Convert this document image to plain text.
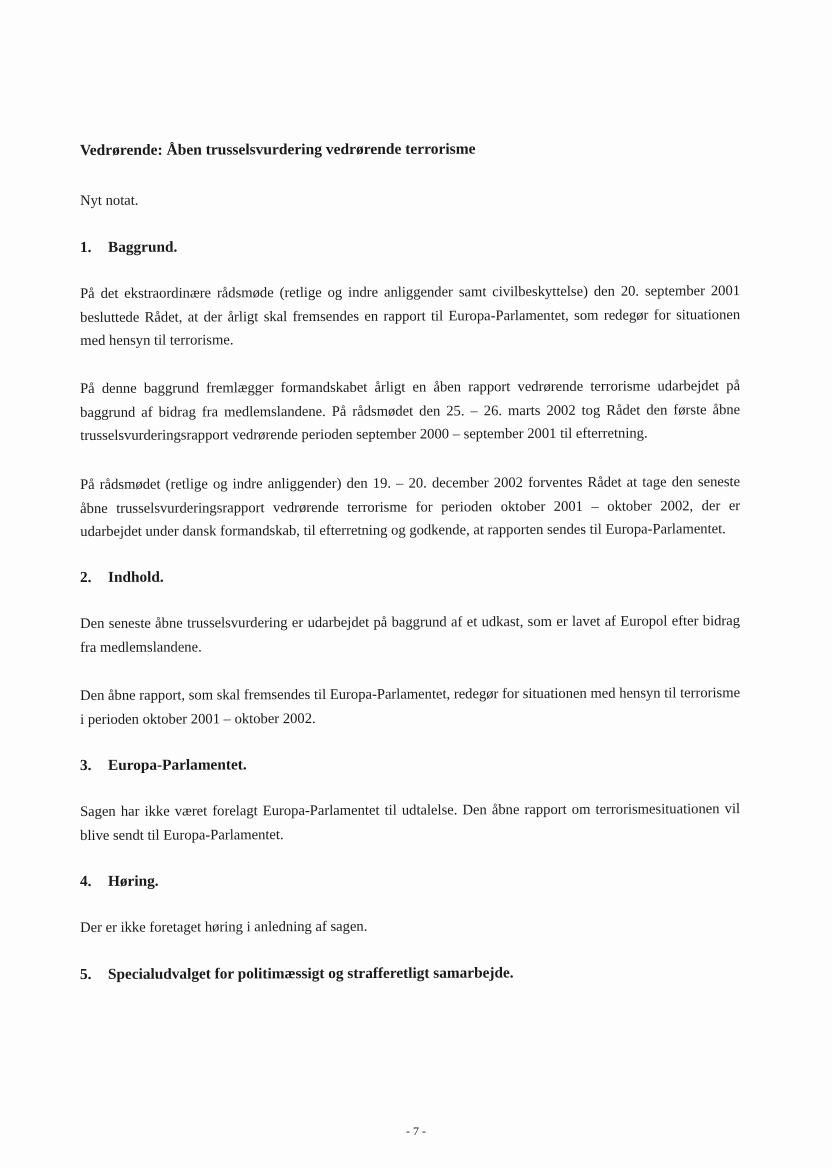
Vedrørende: Åben trusselsvurdering vedrørende terrorisme
Nyt notat.
1.	Baggrund.
På det ekstraordinære rådsmøde (retlige og indre anliggender samt civilbeskyttelse) den 20. september 2001 besluttede Rådet, at der årligt skal fremsendes en rapport til Europa-Parlamentet, som redegør for situationen med hensyn til terrorisme.
På denne baggrund fremlægger formandskabet årligt en åben rapport vedrørende terrorisme udarbejdet på baggrund af bidrag fra medlemslandene. På rådsmødet den 25. – 26. marts 2002 tog Rådet den første åbne trusselsvurderingsrapport vedrørende perioden september 2000 – september 2001 til efterretning.
På rådsmødet (retlige og indre anliggender) den 19. – 20. december 2002 forventes Rådet at tage den seneste åbne trusselsvurderingsrapport vedrørende terrorisme for perioden oktober 2001 – oktober 2002, der er udarbejdet under dansk formandskab, til efterretning og godkende, at rapporten sendes til Europa-Parlamentet.
2.	Indhold.
Den seneste åbne trusselsvurdering er udarbejdet på baggrund af et udkast, som er lavet af Europol efter bidrag fra medlemslandene.
Den åbne rapport, som skal fremsendes til Europa-Parlamentet, redegør for situationen med hensyn til terrorisme i perioden oktober 2001 – oktober 2002.
3.	Europa-Parlamentet.
Sagen har ikke været forelagt Europa-Parlamentet til udtalelse. Den åbne rapport om terrorismesituationen vil blive sendt til Europa-Parlamentet.
4.	Høring.
Der er ikke foretaget høring i anledning af sagen.
5.	Specialudvalget for politimæssigt og strafferetligt samarbejde.
- 7 -
